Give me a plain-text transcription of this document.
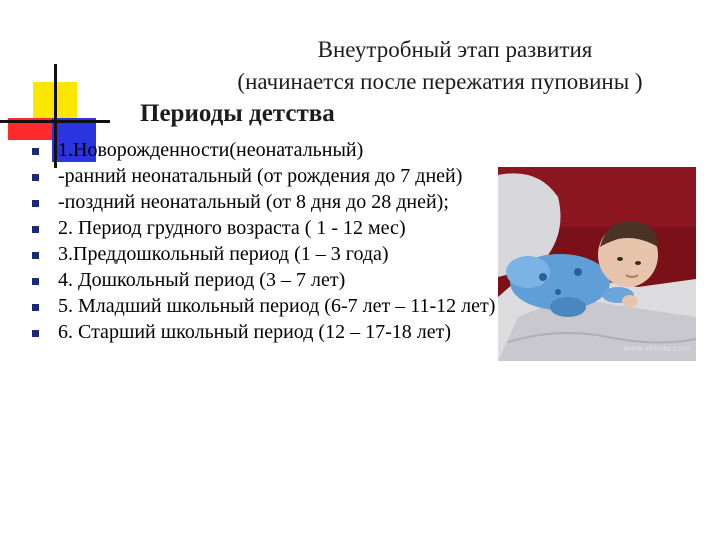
Внеутробный этап развития
(начинается после пережатия пуповины )
Периоды детства
1.Новорожденности(неонатальный)
-ранний неонатальный (от рождения до 7 дней)
-поздний неонатальный (от 8 дня до 28 дней);
2. Период грудного возраста ( 1 - 12 мес)
3.Преддошкольный период (1 – 3 года)
4. Дошкольный период (3 – 7 лет)
5. Младший школьный период (6-7 лет – 11-12 лет)
6. Старший школьный период (12 – 17-18 лет)
www.shkola.com
